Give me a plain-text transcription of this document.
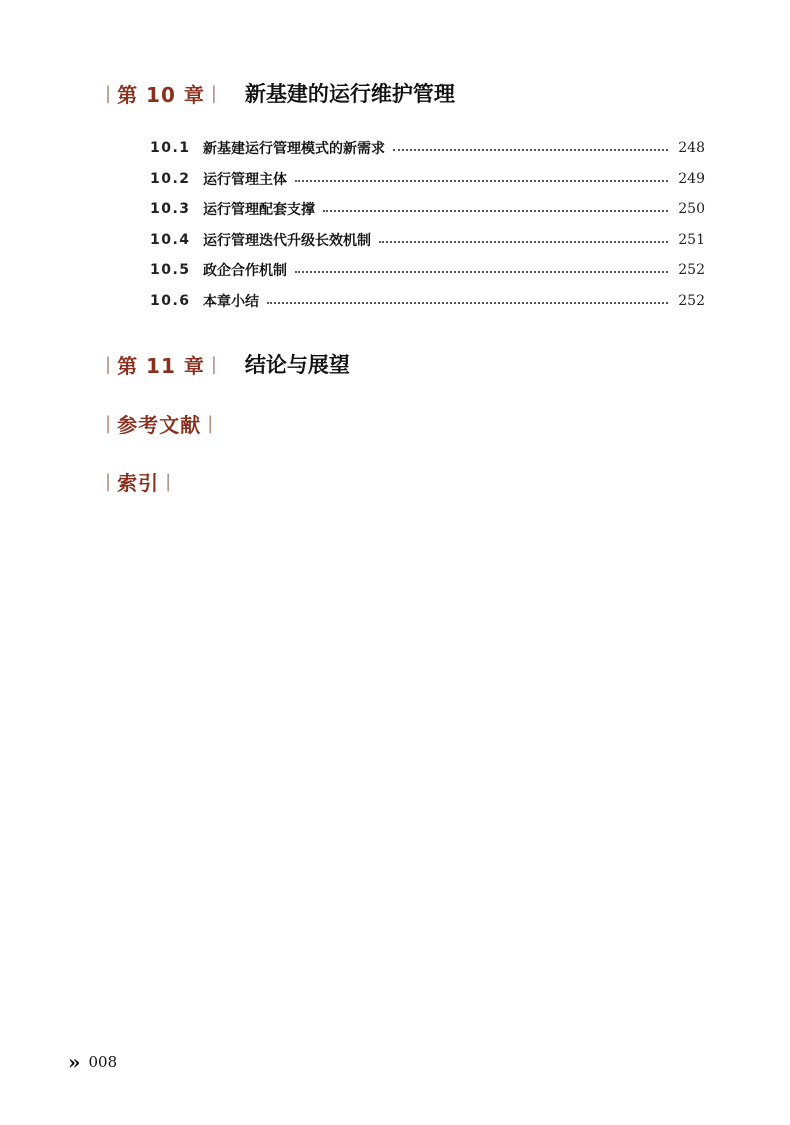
| 第 10 章 | 新基建的运行维护管理
10.1 新基建运行管理模式的新需求	248
10.2 运行管理主体	249
10.3 运行管理配套支撑	250
10.4 运行管理迭代升级长效机制	251
10.5 政企合作机制	252
10.6 本章小结	252
| 第 11 章 | 结论与展望
| 参考文献 |
| 索引 |
» 008
